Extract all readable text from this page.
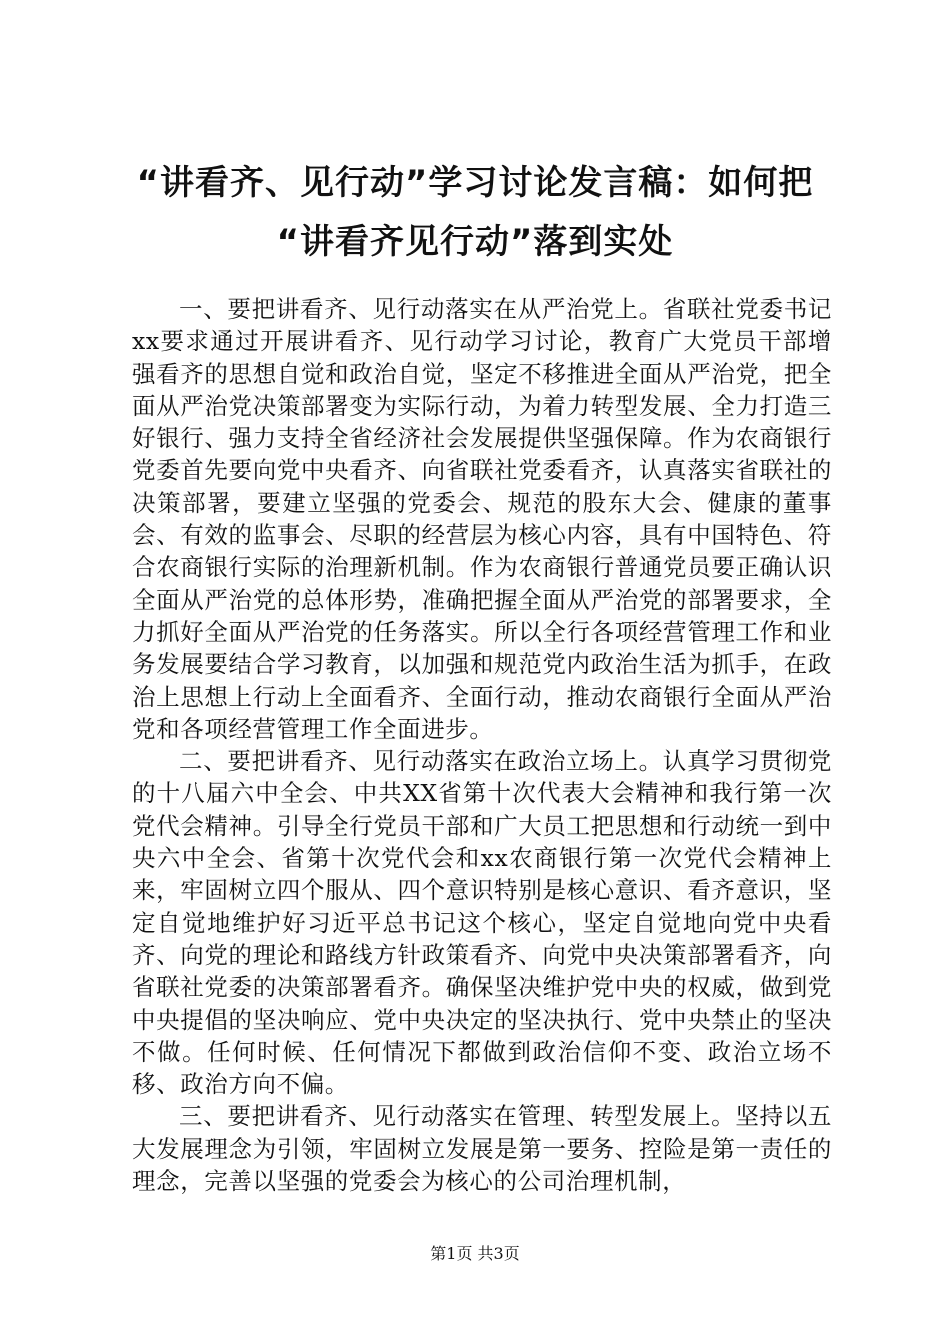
“讲看齐、见行动”学习讨论发言稿：如何把
“讲看齐见行动”落到实处

一、要把讲看齐、见行动落实在从严治党上。省联社党委书记xx要求通过开展讲看齐、见行动学习讨论，教育广大党员干部增强看齐的思想自觉和政治自觉，坚定不移推进全面从严治党，把全面从严治党决策部署变为实际行动，为着力转型发展、全力打造三好银行、强力支持全省经济社会发展提供坚强保障。作为农商银行党委首先要向党中央看齐、向省联社党委看齐，认真落实省联社的决策部署，要建立坚强的党委会、规范的股东大会、健康的董事会、有效的监事会、尽职的经营层为核心内容，具有中国特色、符合农商银行实际的治理新机制。作为农商银行普通党员要正确认识全面从严治党的总体形势，准确把握全面从严治党的部署要求，全力抓好全面从严治党的任务落实。所以全行各项经营管理工作和业务发展要结合学习教育，以加强和规范党内政治生活为抓手，在政治上思想上行动上全面看齐、全面行动，推动农商银行全面从严治党和各项经营管理工作全面进步。

二、要把讲看齐、见行动落实在政治立场上。认真学习贯彻党的十八届六中全会、中共XX省第十次代表大会精神和我行第一次党代会精神。引导全行党员干部和广大员工把思想和行动统一到中央六中全会、省第十次党代会和xx农商银行第一次党代会精神上来，牢固树立四个服从、四个意识特别是核心意识、看齐意识，坚定自觉地维护好习近平总书记这个核心，坚定自觉地向党中央看齐、向党的理论和路线方针政策看齐、向党中央决策部署看齐，向省联社党委的决策部署看齐。确保坚决维护党中央的权威，做到党中央提倡的坚决响应、党中央决定的坚决执行、党中央禁止的坚决不做。任何时候、任何情况下都做到政治信仰不变、政治立场不移、政治方向不偏。

三、要把讲看齐、见行动落实在管理、转型发展上。坚持以五大发展理念为引领，牢固树立发展是第一要务、控险是第一责任的理念，完善以坚强的党委会为核心的公司治理机制，

第1页 共3页
